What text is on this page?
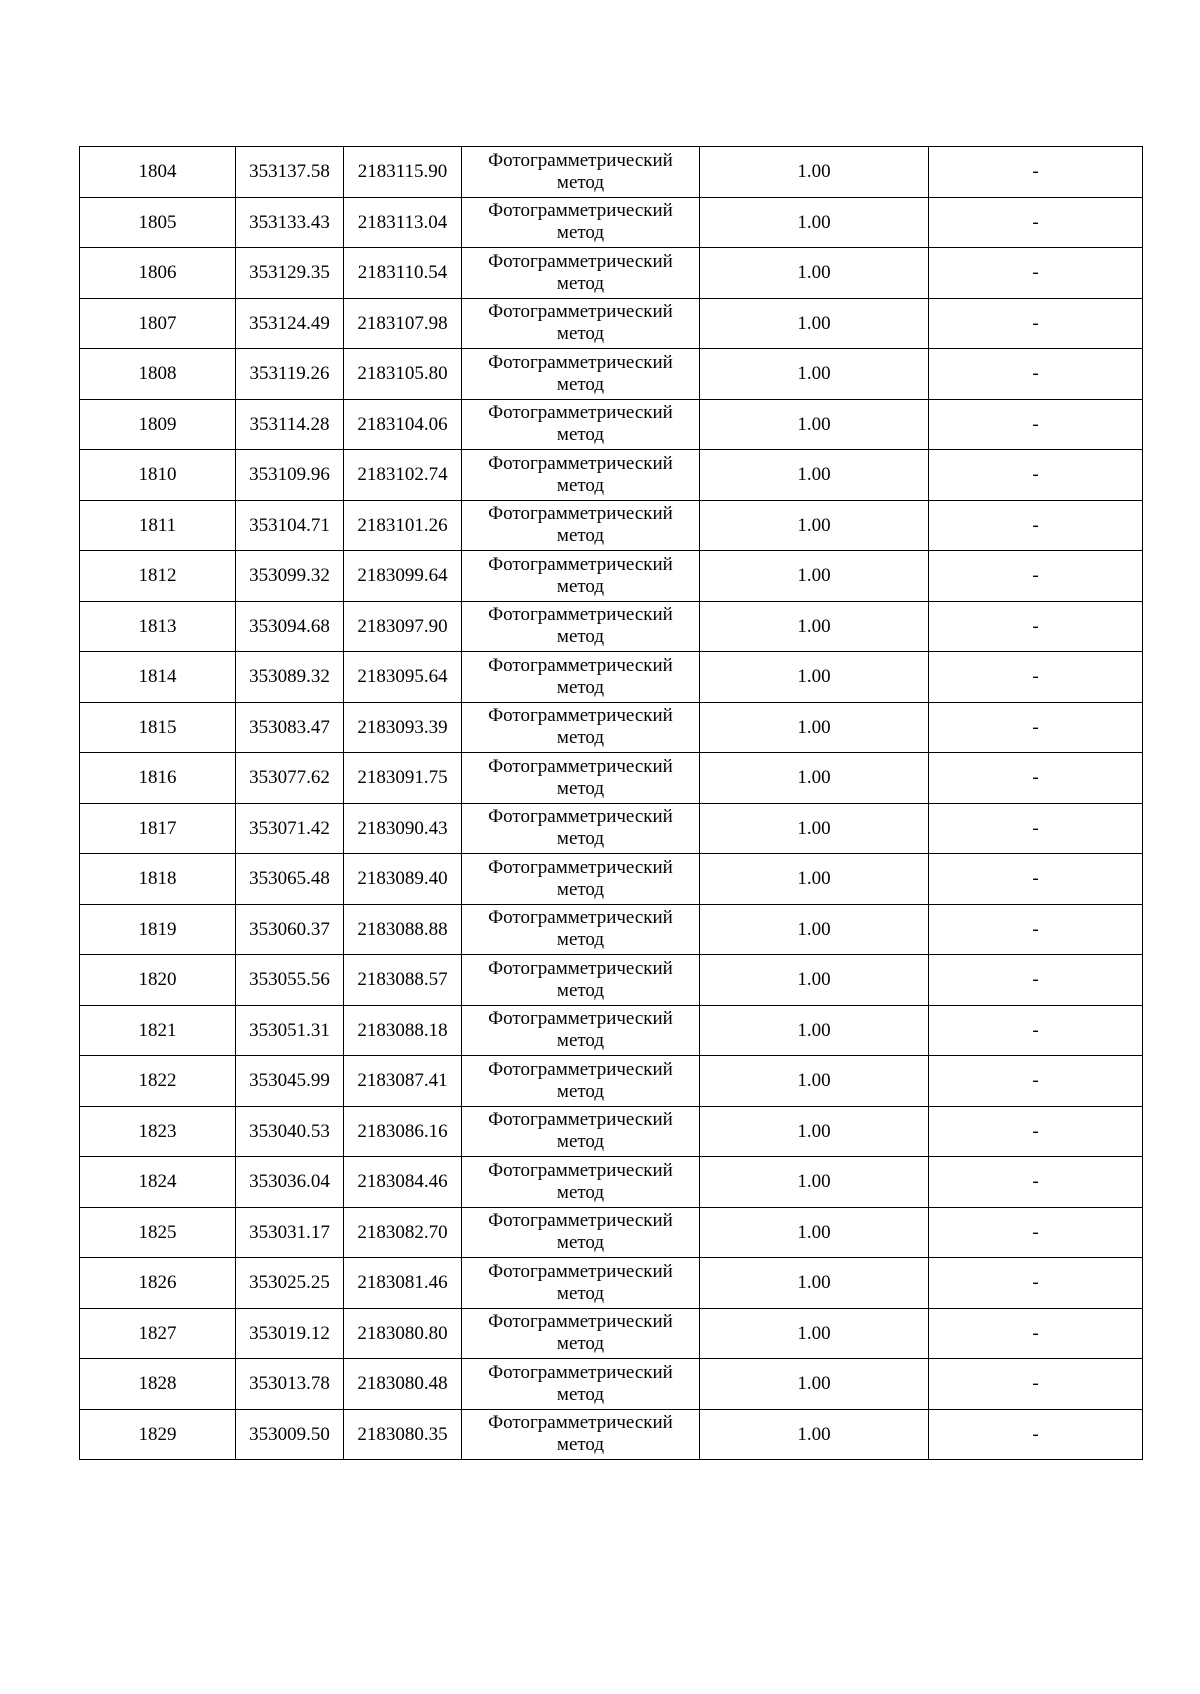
1804	353137.58	2183115.90	Фотограмметрический
метод	1.00	-
1805	353133.43	2183113.04	Фотограмметрический
метод	1.00	-
1806	353129.35	2183110.54	Фотограмметрический
метод	1.00	-
1807	353124.49	2183107.98	Фотограмметрический
метод	1.00	-
1808	353119.26	2183105.80	Фотограмметрический
метод	1.00	-
1809	353114.28	2183104.06	Фотограмметрический
метод	1.00	-
1810	353109.96	2183102.74	Фотограмметрический
метод	1.00	-
1811	353104.71	2183101.26	Фотограмметрический
метод	1.00	-
1812	353099.32	2183099.64	Фотограмметрический
метод	1.00	-
1813	353094.68	2183097.90	Фотограмметрический
метод	1.00	-
1814	353089.32	2183095.64	Фотограмметрический
метод	1.00	-
1815	353083.47	2183093.39	Фотограмметрический
метод	1.00	-
1816	353077.62	2183091.75	Фотограмметрический
метод	1.00	-
1817	353071.42	2183090.43	Фотограмметрический
метод	1.00	-
1818	353065.48	2183089.40	Фотограмметрический
метод	1.00	-
1819	353060.37	2183088.88	Фотограмметрический
метод	1.00	-
1820	353055.56	2183088.57	Фотограмметрический
метод	1.00	-
1821	353051.31	2183088.18	Фотограмметрический
метод	1.00	-
1822	353045.99	2183087.41	Фотограмметрический
метод	1.00	-
1823	353040.53	2183086.16	Фотограмметрический
метод	1.00	-
1824	353036.04	2183084.46	Фотограмметрический
метод	1.00	-
1825	353031.17	2183082.70	Фотограмметрический
метод	1.00	-
1826	353025.25	2183081.46	Фотограмметрический
метод	1.00	-
1827	353019.12	2183080.80	Фотограмметрический
метод	1.00	-
1828	353013.78	2183080.48	Фотограмметрический
метод	1.00	-
1829	353009.50	2183080.35	Фотограмметрический
метод	1.00	-
